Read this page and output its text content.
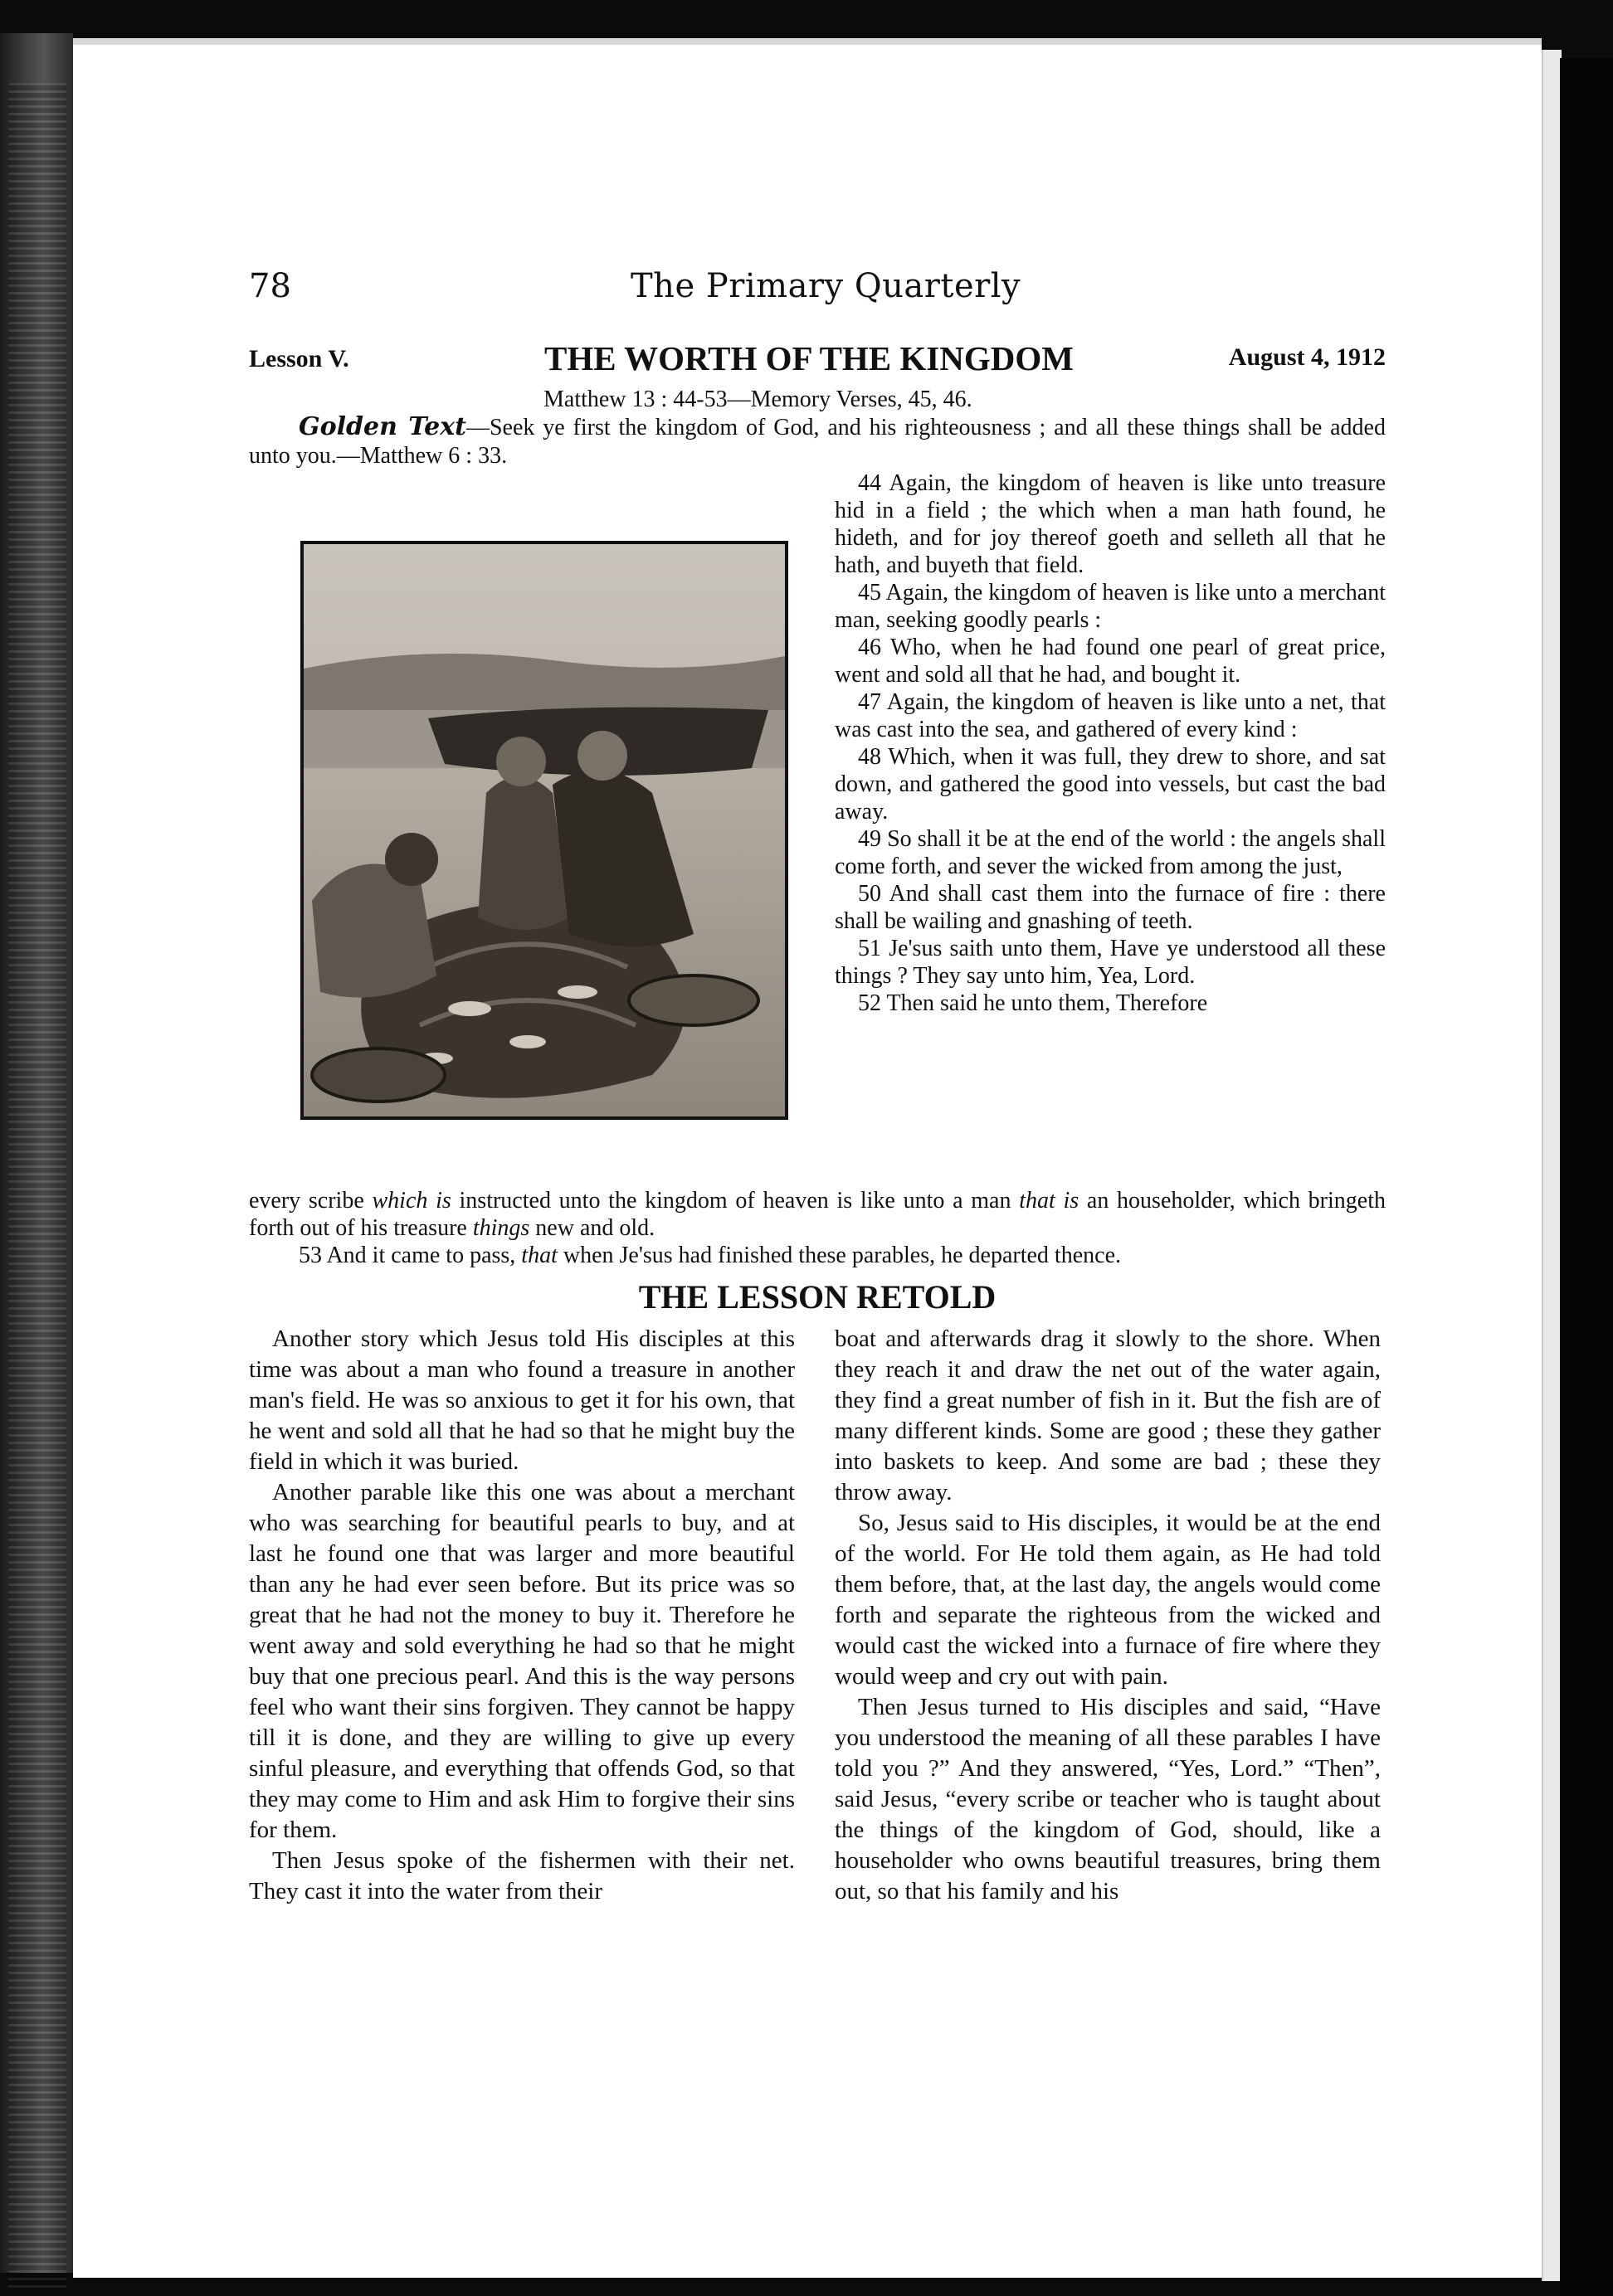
78	The Primary Quarterly
Lesson V.	THE WORTH OF THE KINGDOM	August 4, 1912
Matthew 13 : 44-53—Memory Verses, 45, 46.
Golden Text—Seek ye first the kingdom of God, and his righteousness ; and all these things shall be added unto you.—Matthew 6 : 33.

44 Again, the kingdom of heaven is like unto treasure hid in a field ; the which when a man hath found, he hideth, and for joy thereof goeth and selleth all that he hath, and buyeth that field.

45 Again, the kingdom of heaven is like unto a merchant man, seeking goodly pearls :

46 Who, when he had found one pearl of great price, went and sold all that he had, and bought it.

47 Again, the kingdom of heaven is like unto a net, that was cast into the sea, and gathered of every kind :

48 Which, when it was full, they drew to shore, and sat down, and gathered the good into vessels, but cast the bad away.

49 So shall it be at the end of the world : the angels shall come forth, and sever the wicked from among the just,

50 And shall cast them into the furnace of fire : there shall be wailing and gnashing of teeth.

51 Je'sus saith unto them, Have ye understood all these things ? They say unto him, Yea, Lord.

52 Then said he unto them, Therefore

every scribe which is instructed unto the kingdom of heaven is like unto a man that is an householder, which bringeth forth out of his treasure things new and old.

53 And it came to pass, that when Je'sus had finished these parables, he departed thence.

THE LESSON RETOLD

Another story which Jesus told His disciples at this time was about a man who found a treasure in another man's field. He was so anxious to get it for his own, that he went and sold all that he had so that he might buy the field in which it was buried.

Another parable like this one was about a merchant who was searching for beautiful pearls to buy, and at last he found one that was larger and more beautiful than any he had ever seen before. But its price was so great that he had not the money to buy it. Therefore he went away and sold everything he had so that he might buy that one precious pearl. And this is the way persons feel who want their sins forgiven. They cannot be happy till it is done, and they are willing to give up every sinful pleasure, and everything that offends God, so that they may come to Him and ask Him to forgive their sins for them.

Then Jesus spoke of the fishermen with their net. They cast it into the water from their

boat and afterwards drag it slowly to the shore. When they reach it and draw the net out of the water again, they find a great number of fish in it. But the fish are of many different kinds. Some are good ; these they gather into baskets to keep. And some are bad ; these they throw away.

So, Jesus said to His disciples, it would be at the end of the world. For He told them again, as He had told them before, that, at the last day, the angels would come forth and separate the righteous from the wicked and would cast the wicked into a furnace of fire where they would weep and cry out with pain.

Then Jesus turned to His disciples and said, “Have you understood the meaning of all these parables I have told you ?” And they answered, “Yes, Lord.” “Then”, said Jesus, “every scribe or teacher who is taught about the things of the kingdom of God, should, like a householder who owns beautiful treasures, bring them out, so that his family and his
